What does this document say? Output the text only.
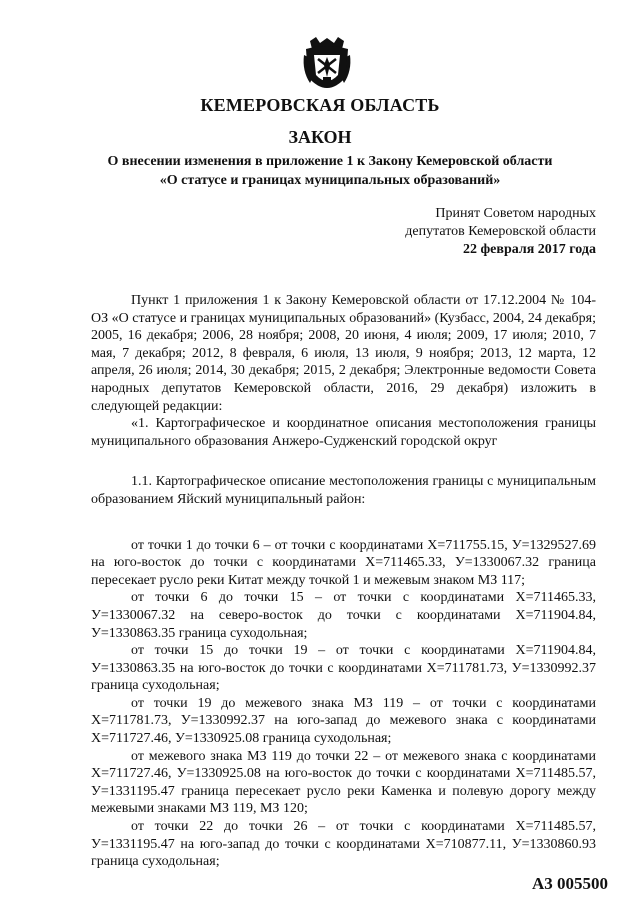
КЕМЕРОВСКАЯ ОБЛАСТЬ
ЗАКОН
О внесении изменения в приложение 1 к Закону Кемеровской области
«О статусе и границах муниципальных образований»
Принят Советом народных
депутатов Кемеровской области
22 февраля 2017 года

Пункт 1 приложения 1 к Закону Кемеровской области от 17.12.2004 № 104-ОЗ «О статусе и границах муниципальных образований» (Кузбасс, 2004, 24 декабря; 2005, 16 декабря; 2006, 28 ноября; 2008, 20 июня, 4 июля; 2009, 17 июля; 2010, 7 мая, 7 декабря; 2012, 8 февраля, 6 июля, 13 июля, 9 ноября; 2013, 12 марта, 12 апреля, 26 июля; 2014, 30 декабря; 2015, 2 декабря; Электронные ведомости Совета народных депутатов Кемеровской области, 2016, 29 декабря) изложить в следующей редакции:

«1. Картографическое и координатное описания местоположения границы муниципального образования Анжеро-Судженский городской округ

1.1. Картографическое описание местоположения границы с муниципальным образованием Яйский муниципальный район:

от точки 1 до точки 6 – от точки с координатами Х=711755.15, У=1329527.69 на юго-восток до точки с координатами Х=711465.33, У=1330067.32 граница пересекает русло реки Китат между точкой 1 и межевым знаком МЗ 117;

от точки 6 до точки 15 – от точки с координатами Х=711465.33, У=1330067.32 на северо-восток до точки с координатами Х=711904.84, У=1330863.35 граница суходольная;

от точки 15 до точки 19 – от точки с координатами Х=711904.84, У=1330863.35 на юго-восток до точки с координатами Х=711781.73, У=1330992.37 граница суходольная;

от точки 19 до межевого знака МЗ 119 – от точки с координатами Х=711781.73, У=1330992.37 на юго-запад до межевого знака с координатами Х=711727.46, У=1330925.08 граница суходольная;

от межевого знака МЗ 119 до точки 22 – от межевого знака с координатами Х=711727.46, У=1330925.08 на юго-восток до точки с координатами Х=711485.57, У=1331195.47 граница пересекает русло реки Каменка и полевую дорогу между межевыми знаками МЗ 119, МЗ 120;

от точки 22 до точки 26 – от точки с координатами Х=711485.57, У=1331195.47 на юго-запад до точки с координатами Х=710877.11, У=1330860.93 граница суходольная;

А3 005500
